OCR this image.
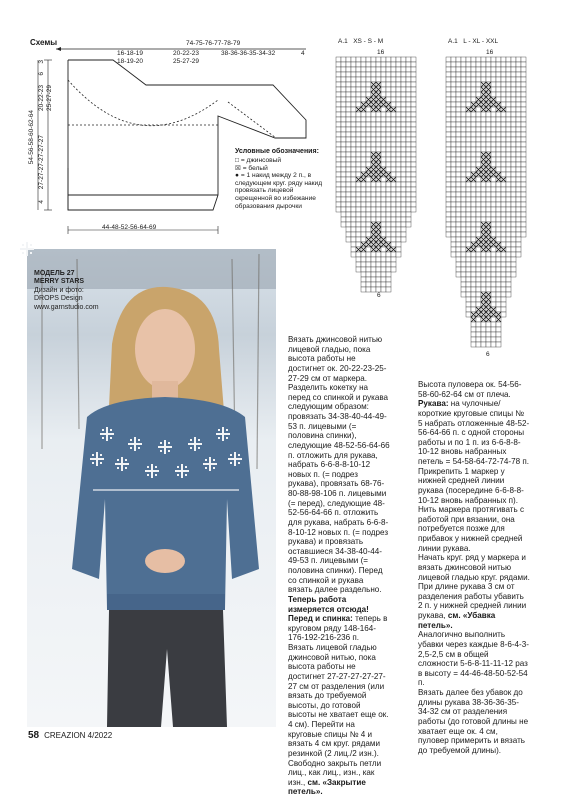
Схемы	74-75-76-77-78-79
16-18-19
18-19-20
20-22-23
25-27-29
38-36-36-35-34-32	4
3
6
20-22-23 25-27-29
54-56-58-60-62-64 27-27-27-27-27-27
4
44-48-52-56-64-69
Условные обозначения:
□ = джинсовый
☒ = белый
● = 1 накид между 2 п., в следующем круг. ряду накид провязать лицевой скрещенной во избежание образования дырочки
A.1 XS - S - M	A.1 L - XL - XXL
16	16
6
6
МОДЕЛЬ 27
MERRY STARS
Дизайн и фото:
DROPS Design
www.garnstudio.com
Вязать джинсовой нитью лицевой гладью, пока высота работы не достигнет ок. 20-22-23-25-27-29 см от маркера.
Разделить кокетку на перед со спинкой и рукава следующим образом: провязать 34-38-40-44-49-53 п. лицевыми (= половина спинки), следующие 48-52-56-64-66 п. отложить для рукава, набрать 6-6-8-8-10-12 новых п. (= подрез рукава), провязать 68-76-80-88-98-106 п. лицевыми (= перед), следующие 48-52-56-64-66 п. отложить для рукава, набрать 6-6-8-8-10-12 новых п. (= подрез рукава) и провязать оставшиеся 34-38-40-44-49-53 п. лицевыми (= половина спинки). Перед со спинкой и рукава вязать далее раздельно. Теперь работа измеряется отсюда!
Перед и спинка: теперь в круговом ряду 148-164-176-192-216-236 п.
Вязать лицевой гладью джинсовой нитью, пока высота работы не достигнет 27-27-27-27-27-27 см от разделения (или вязать до требуемой высоты, до готовой высоты не хватает еще ок. 4 см). Перейти на круговые спицы № 4 и вязать 4 см круг. рядами резинкой (2 лиц./2 изн.). Свободно закрыть петли лиц., как лиц., изн., как изн., см. «Закрытие петель».
Высота пуловера ок. 54-56-58-60-62-64 см от плеча.
Рукава: на чулочные/короткие круговые спицы № 5 набрать отложенные 48-52-56-64-66 п. с одной стороны работы и по 1 п. из 6-6-8-8-10-12 вновь набранных петель = 54-58-64-72-74-78 п. Прикрепить 1 маркер у нижней средней линии рукава (посередине 6-6-8-8-10-12 вновь набранных п). Нить маркера протягивать с работой при вязании, она потребуется позже для прибавок у нижней средней линии рукава.
Начать круг. ряд у маркера и вязать джинсовой нитью лицевой гладью круг. рядами. При длине рукава 3 см от разделения работы убавить 2 п. у нижней средней линии рукава, см. «Убавка петель».
Аналогично выполнить убавки через каждые 8-6-4-3-2,5-2,5 см в общей сложности 5-6-8-11-11-12 раз в высоту = 44-46-48-50-52-54 п.
Вязать далее без убавок до длины рукава 38-36-36-35-34-32 см от разделения работы (до готовой длины не хватает еще ок. 4 см, пуловер примерить и вязать до требуемой длины).
58 CREAZION 4/2022
